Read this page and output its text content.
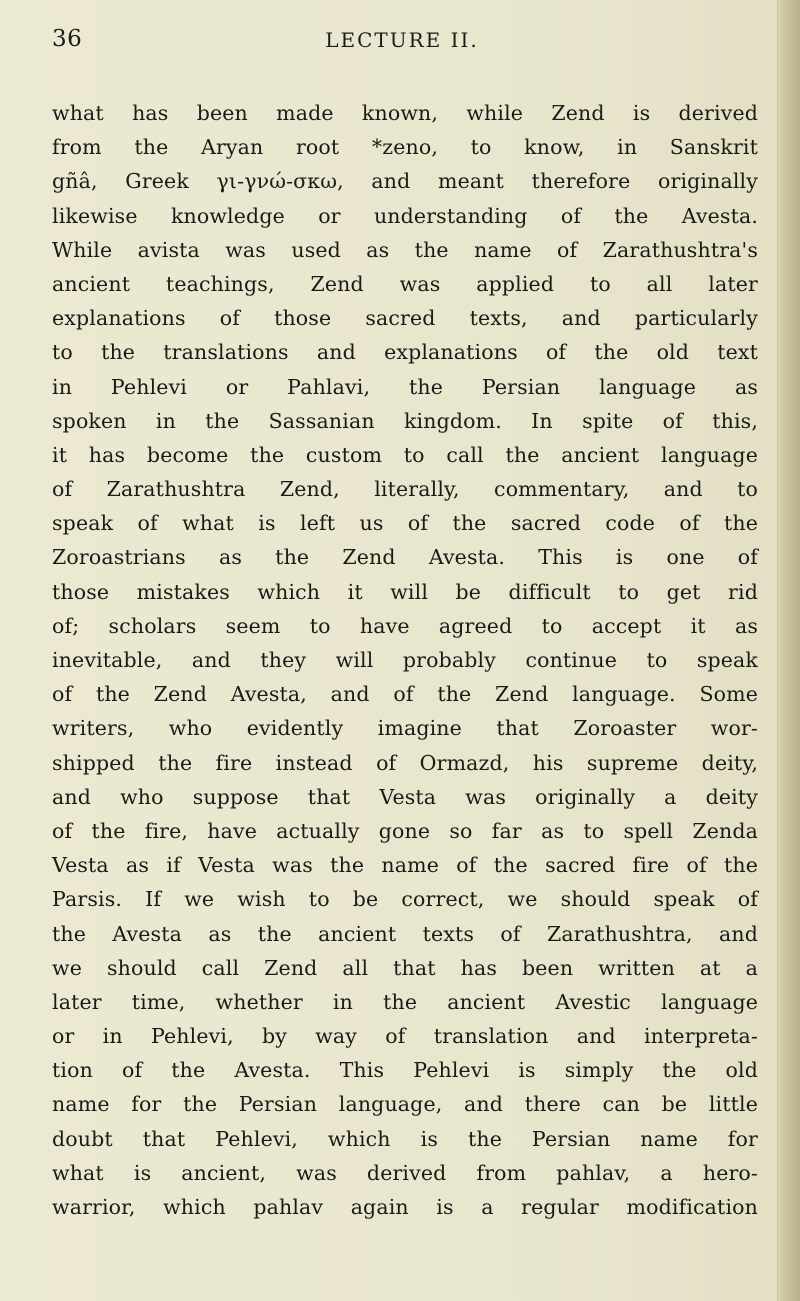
36	LECTURE II.
what has been made known, while Zend is derived
from the Aryan root *zeno, to know, in Sanskrit
gñâ, Greek γι-γνώ-σκω, and meant therefore originally
likewise knowledge or understanding of the Avesta.
While avista was used as the name of Zarathushtra's
ancient teachings, Zend was applied to all later
explanations of those sacred texts, and particularly
to the translations and explanations of the old text
in Pehlevi or Pahlavi, the Persian language as
spoken in the Sassanian kingdom. In spite of this,
it has become the custom to call the ancient language
of Zarathushtra Zend, literally, commentary, and to
speak of what is left us of the sacred code of the
Zoroastrians as the Zend Avesta. This is one of
those mistakes which it will be difficult to get rid
of; scholars seem to have agreed to accept it as
inevitable, and they will probably continue to speak
of the Zend Avesta, and of the Zend language. Some
writers, who evidently imagine that Zoroaster wor-
shipped the fire instead of Ormazd, his supreme deity,
and who suppose that Vesta was originally a deity
of the fire, have actually gone so far as to spell Zenda
Vesta as if Vesta was the name of the sacred fire of the
Parsis. If we wish to be correct, we should speak of
the Avesta as the ancient texts of Zarathushtra, and
we should call Zend all that has been written at a
later time, whether in the ancient Avestic language
or in Pehlevi, by way of translation and interpreta-
tion of the Avesta. This Pehlevi is simply the old
name for the Persian language, and there can be little
doubt that Pehlevi, which is the Persian name for
what is ancient, was derived from pahlav, a hero-
warrior, which pahlav again is a regular modification
